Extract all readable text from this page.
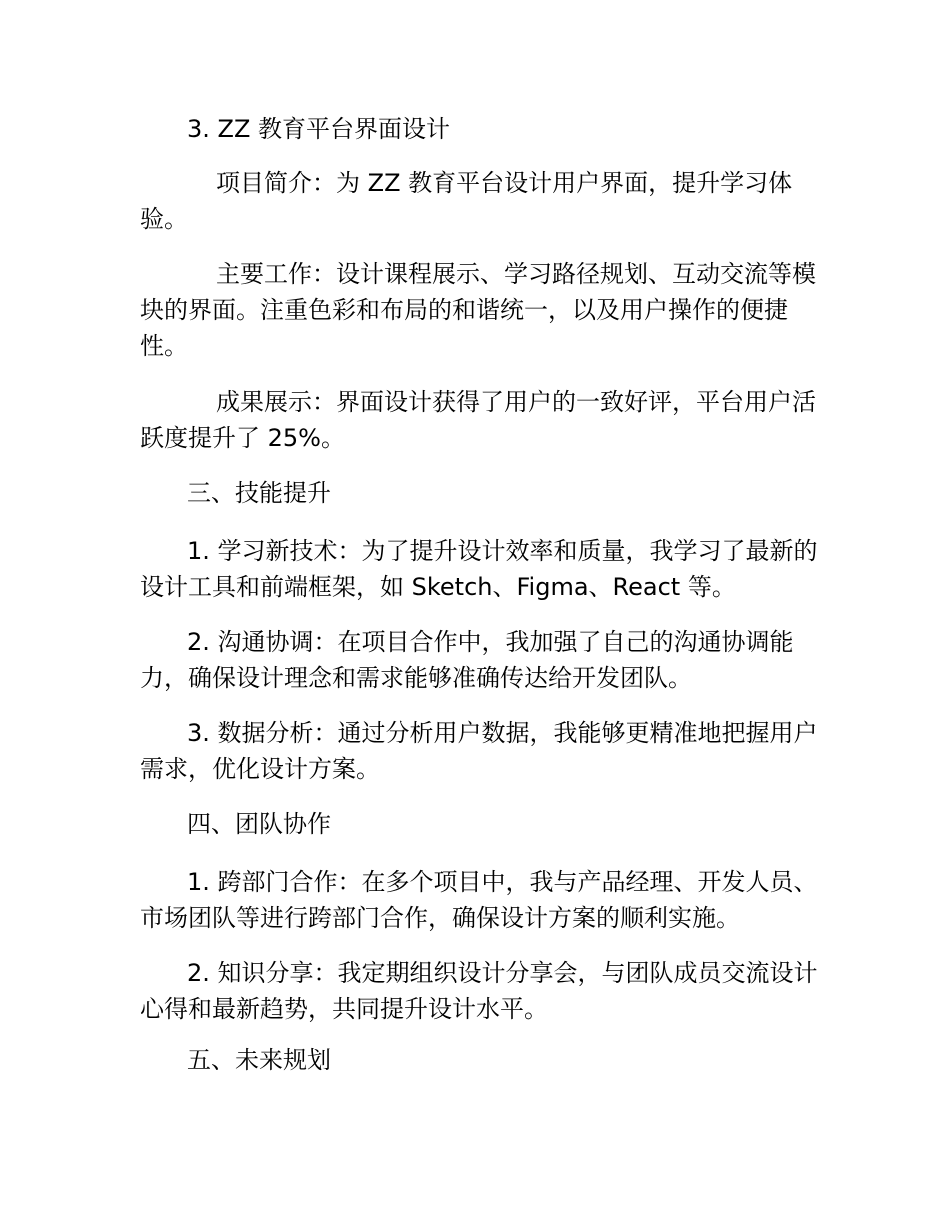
3. ZZ 教育平台界面设计

项目简介：为 ZZ 教育平台设计用户界面，提升学习体验。

主要工作：设计课程展示、学习路径规划、互动交流等模块的界面。注重色彩和布局的和谐统一，以及用户操作的便捷性。

成果展示：界面设计获得了用户的一致好评，平台用户活跃度提升了 25%。

三、技能提升

1. 学习新技术：为了提升设计效率和质量，我学习了最新的设计工具和前端框架，如 Sketch、Figma、React 等。

2. 沟通协调：在项目合作中，我加强了自己的沟通协调能力，确保设计理念和需求能够准确传达给开发团队。

3. 数据分析：通过分析用户数据，我能够更精准地把握用户需求，优化设计方案。

四、团队协作

1. 跨部门合作：在多个项目中，我与产品经理、开发人员、市场团队等进行跨部门合作，确保设计方案的顺利实施。

2. 知识分享：我定期组织设计分享会，与团队成员交流设计心得和最新趋势，共同提升设计水平。

五、未来规划
